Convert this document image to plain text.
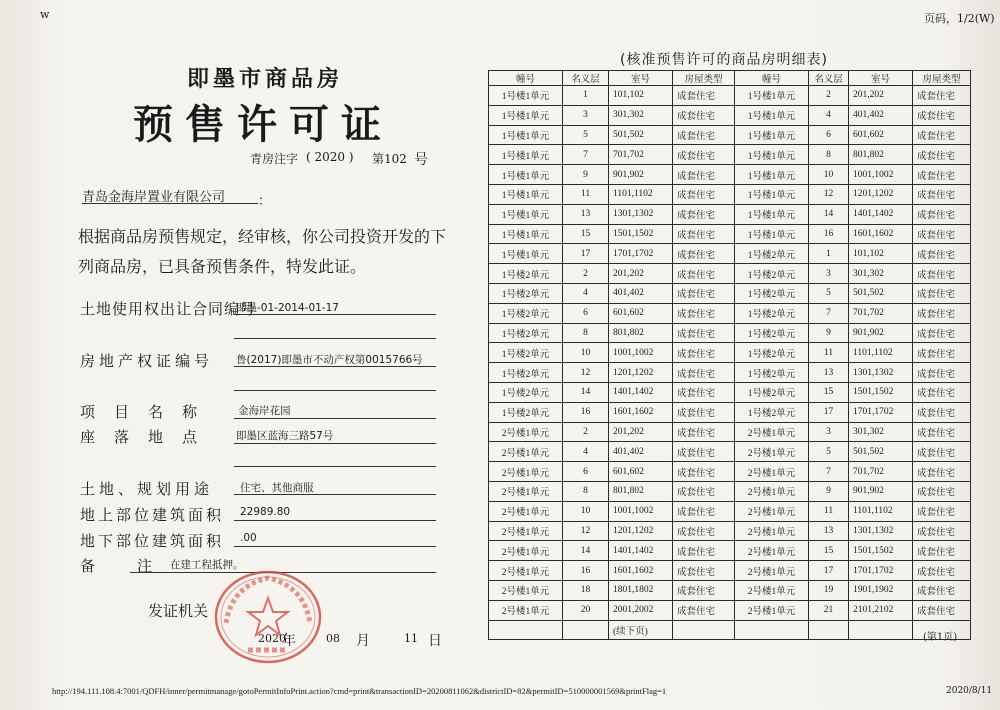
w	页码，1/2(W)
即墨市商品房
预售许可证
青房注字 ( 2020 ) 第102 号
青岛金海岸置业有限公司	：
根据商品房预售规定，经审核，你公司投资开发的下列商品房，已具备预售条件，特发此证。
土地使用权出让合同编号
即墨-01-2014-01-17
房地产权证编号 鲁(2017)即墨市不动产权第0015766号
项　目　名　称	金海岸花园
座　落　地　点	即墨区蓝海三路57号
土地、规划用途	住宅、其他商服
地上部位建筑面积 22989.80
地下部位建筑面积 .00
备　　注 在建工程抵押。
发证机关
2020
年	08 月	11 日
(核准预售许可的商品房明细表)
幢号	名义层	室号	房屋类型	幢号	名义层	室号	房屋类型
1号楼1单元	1	101,102	成套住宅	1号楼1单元	2	201,202	成套住宅
1号楼1单元	3	301,302	成套住宅	1号楼1单元	4	401,402	成套住宅
1号楼1单元	5	501,502	成套住宅	1号楼1单元	6	601,602	成套住宅
1号楼1单元	7	701,702	成套住宅	1号楼1单元	8	801,802	成套住宅
1号楼1单元	9	901,902	成套住宅	1号楼1单元	10	1001,1002	成套住宅
1号楼1单元	11	1101,1102	成套住宅	1号楼1单元	12	1201,1202	成套住宅
1号楼1单元	13	1301,1302	成套住宅	1号楼1单元	14	1401,1402	成套住宅
1号楼1单元	15	1501,1502	成套住宅	1号楼1单元	16	1601,1602	成套住宅
1号楼1单元	17	1701,1702	成套住宅	1号楼2单元	1	101,102	成套住宅
1号楼2单元	2	201,202	成套住宅	1号楼2单元	3	301,302	成套住宅
1号楼2单元	4	401,402	成套住宅	1号楼2单元	5	501,502	成套住宅
1号楼2单元	6	601,602	成套住宅	1号楼2单元	7	701,702	成套住宅
1号楼2单元	8	801,802	成套住宅	1号楼2单元	9	901,902	成套住宅
1号楼2单元	10	1001,1002	成套住宅	1号楼2单元	11	1101,1102	成套住宅
1号楼2单元	12	1201,1202	成套住宅	1号楼2单元	13	1301,1302	成套住宅
1号楼2单元	14	1401,1402	成套住宅	1号楼2单元	15	1501,1502	成套住宅
1号楼2单元	16	1601,1602	成套住宅	1号楼2单元	17	1701,1702	成套住宅
2号楼1单元	2	201,202	成套住宅	2号楼1单元	3	301,302	成套住宅
2号楼1单元	4	401,402	成套住宅	2号楼1单元	5	501,502	成套住宅
2号楼1单元	6	601,602	成套住宅	2号楼1单元	7	701,702	成套住宅
2号楼1单元	8	801,802	成套住宅	2号楼1单元	9	901,902	成套住宅
2号楼1单元	10	1001,1002	成套住宅	2号楼1单元	11	1101,1102	成套住宅
2号楼1单元	12	1201,1202	成套住宅	2号楼1单元	13	1301,1302	成套住宅
2号楼1单元	14	1401,1402	成套住宅	2号楼1单元	15	1501,1502	成套住宅
2号楼1单元	16	1601,1602	成套住宅	2号楼1单元	17	1701,1702	成套住宅
2号楼1单元	18	1801,1802	成套住宅	2号楼1单元	19	1901,1902	成套住宅
2号楼1单元	20	2001,2002	成套住宅	2号楼1单元	21	2101,2102	成套住宅
		(续下页)					
(第1页)
http://194.111.108.4:7001/QDFH/inner/permitmanage/gotoPermitInfoPrint.action?cmd=print&transactionID=20200811062&districtID=82&permitID=510000001569&printFlag=1	2020/8/11
